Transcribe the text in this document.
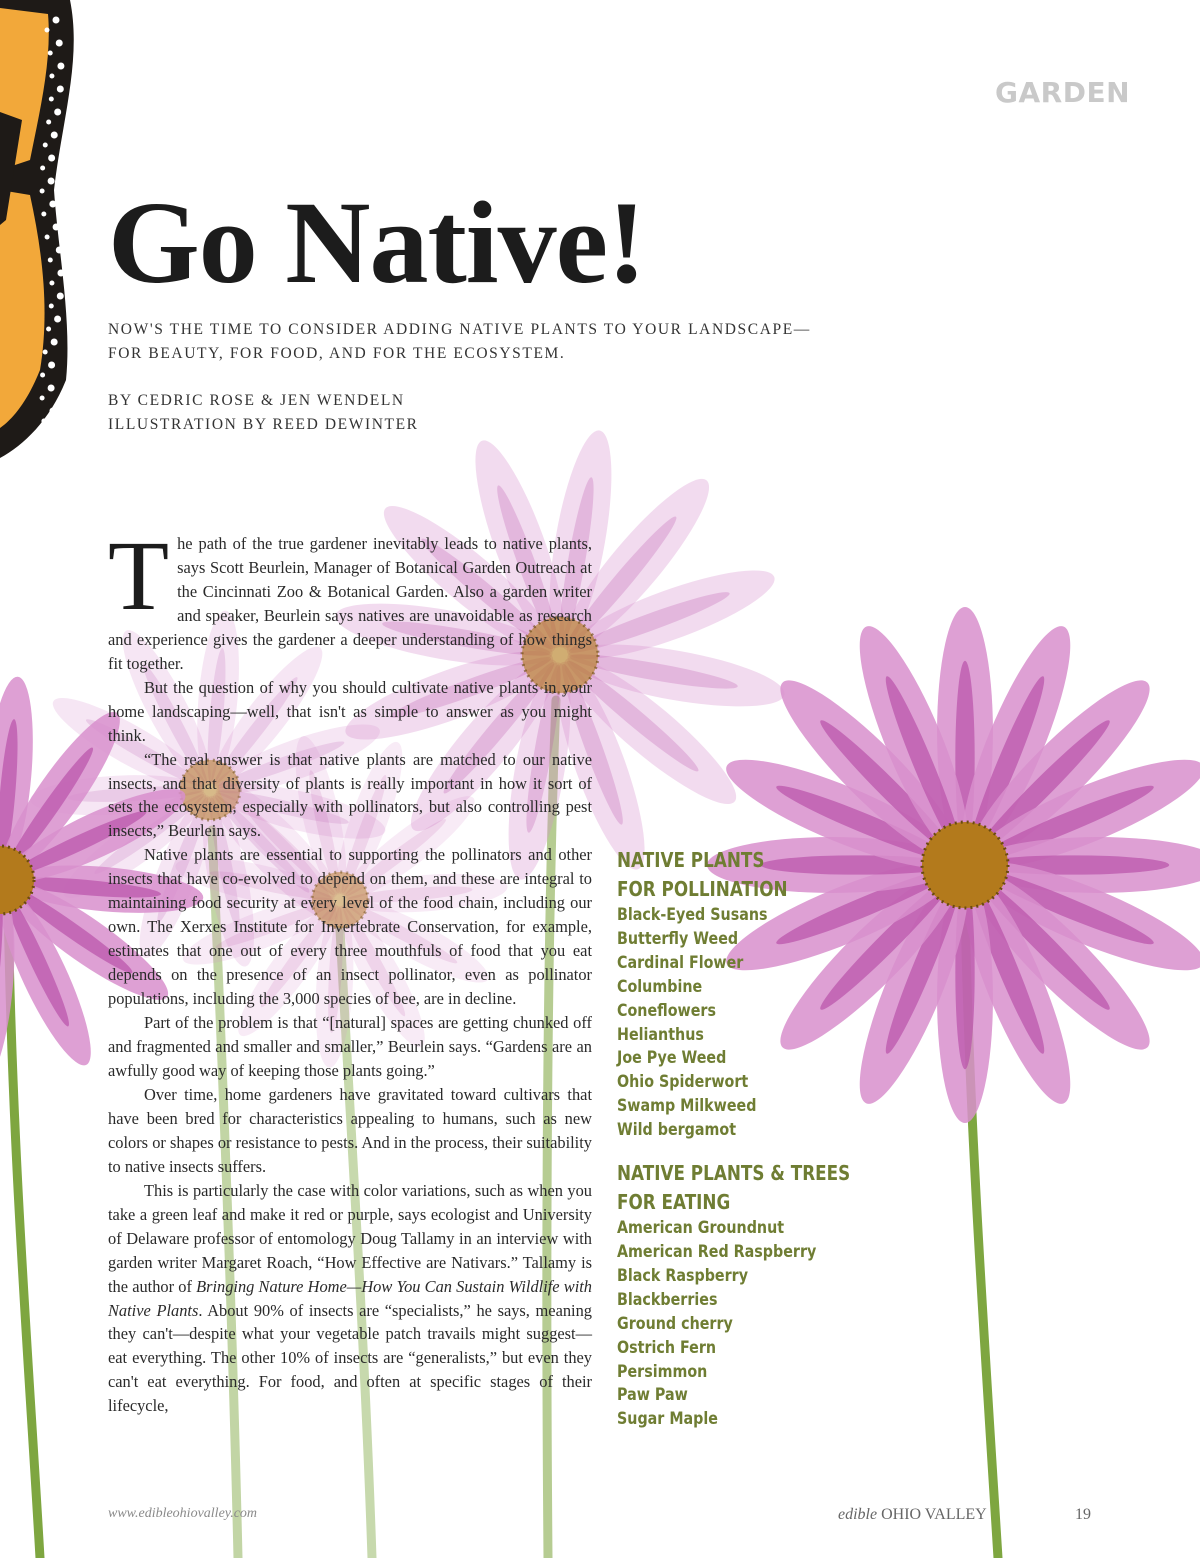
GARDEN
Go Native!
NOW'S THE TIME TO CONSIDER ADDING NATIVE PLANTS TO YOUR LANDSCAPE—
FOR BEAUTY, FOR FOOD, AND FOR THE ECOSYSTEM.
BY CEDRIC ROSE & JEN WENDELN
ILLUSTRATION BY REED DEWINTER

The path of the true gardener inevitably leads to native plants, says Scott Beurlein, Manager of Botanical Garden Outreach at the Cincinnati Zoo & Botanical Garden. Also a garden writer and speaker, Beurlein says natives are unavoidable as research and experience gives the gardener a deeper understanding of how things fit together.

But the question of why you should cultivate native plants in your home landscaping—well, that isn't as simple to answer as you might think.

“The real answer is that native plants are matched to our native insects, and that diversity of plants is really important in how it sort of sets the ecosystem, especially with pollinators, but also controlling pest insects,” Beurlein says.

Native plants are essential to supporting the pollinators and other insects that have co-evolved to depend on them, and these are integral to maintaining food security at every level of the food chain, including our own. The Xerxes Institute for Invertebrate Conservation, for example, estimates that one out of every three mouthfuls of food that you eat depends on the presence of an insect pollinator, even as pollinator populations, including the 3,000 species of bee, are in decline.

Part of the problem is that “[natural] spaces are getting chunked off and fragmented and smaller and smaller,” Beurlein says. “Gardens are an awfully good way of keeping those plants going.”

Over time, home gardeners have gravitated toward cultivars that have been bred for characteristics appealing to humans, such as new colors or shapes or resistance to pests. And in the process, their suitability to native insects suffers.

This is particularly the case with color variations, such as when you take a green leaf and make it red or purple, says ecologist and University of Delaware professor of entomology Doug Tallamy in an interview with garden writer Margaret Roach, “How Effective are Nativars.” Tallamy is the author of Bringing Nature Home—How You Can Sustain Wildlife with Native Plants. About 90% of insects are “specialists,” he says, meaning they can't—despite what your vegetable patch travails might suggest—eat everything. The other 10% of insects are “generalists,” but even they can't eat everything. For food, and often at specific stages of their lifecycle,

NATIVE PLANTS
FOR POLLINATION
Black-Eyed Susans
Butterfly Weed
Cardinal Flower
Columbine
Coneflowers
Helianthus
Joe Pye Weed
Ohio Spiderwort
Swamp Milkweed
Wild bergamot
NATIVE PLANTS & TREES
FOR EATING
American Groundnut
American Red Raspberry
Black Raspberry
Blackberries
Ground cherry
Ostrich Fern
Persimmon
Paw Paw
Sugar Maple
www.edibleohiovalley.com	edible OHIO VALLEY	19
